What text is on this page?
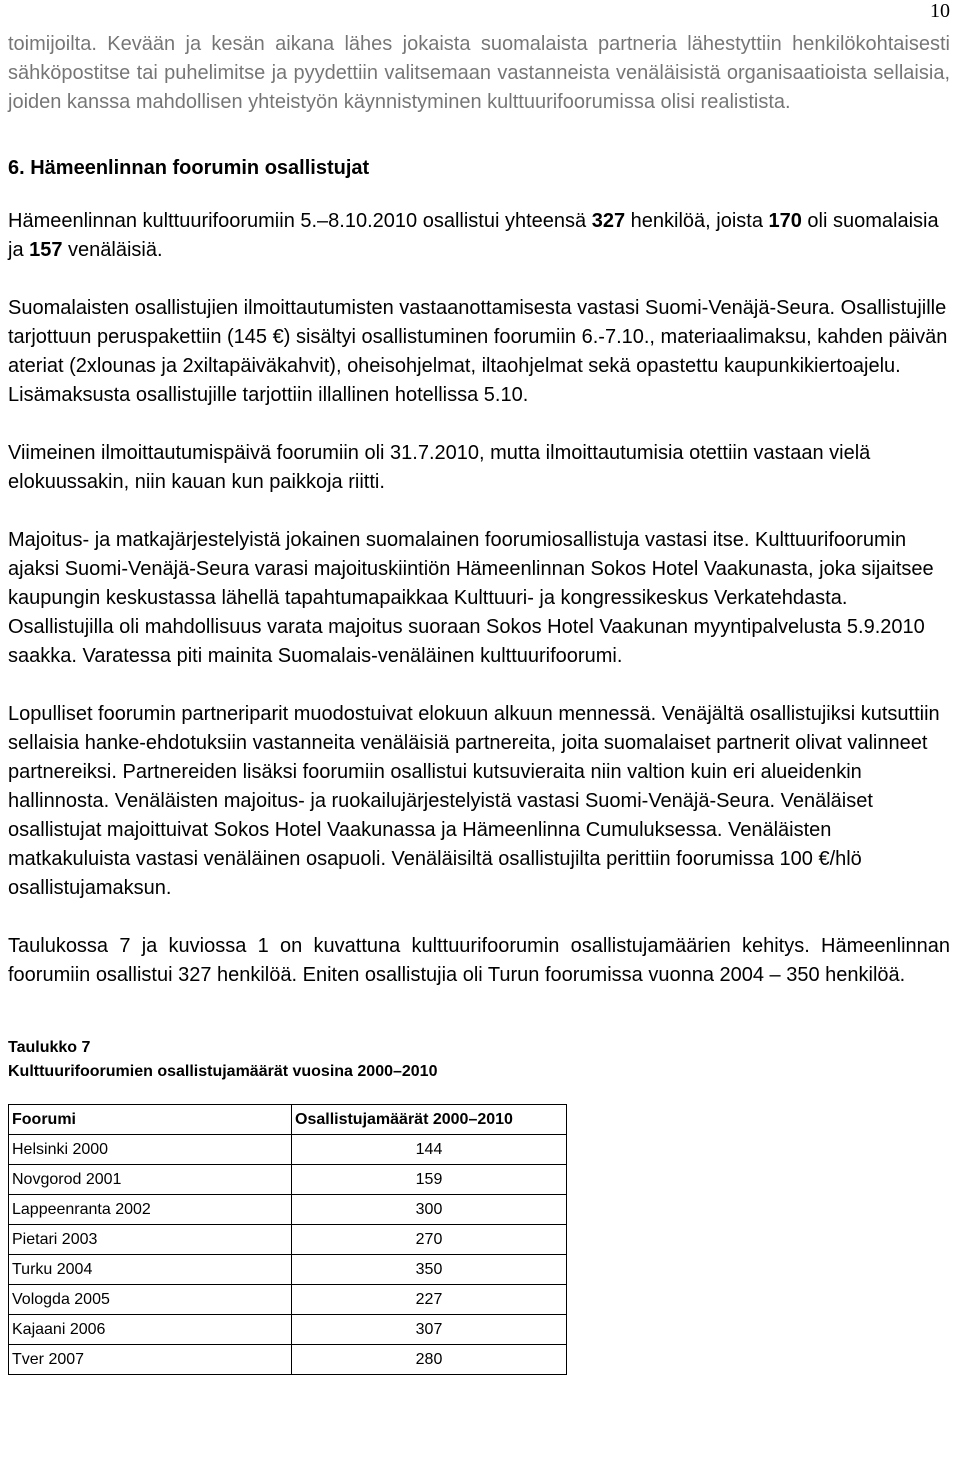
10

toimijoilta. Kevään ja kesän aikana lähes jokaista suomalaista partneria lähestyttiin henkilökohtaisesti sähköpostitse tai puhelimitse ja pyydettiin valitsemaan vastanneista venäläisistä organisaatioista sellaisia, joiden kanssa mahdollisen yhteistyön käynnistyminen kulttuurifoorumissa olisi realistista.

6. Hämeenlinnan foorumin osallistujat

Hämeenlinnan kulttuurifoorumiin 5.–8.10.2010 osallistui yhteensä 327 henkilöä, joista 170 oli suomalaisia ja 157 venäläisiä.

Suomalaisten osallistujien ilmoittautumisten vastaanottamisesta vastasi Suomi-Venäjä-Seura. Osallistujille tarjottuun peruspakettiin (145 €) sisältyi osallistuminen foorumiin 6.-7.10., materiaalimaksu, kahden päivän ateriat (2xlounas ja 2xiltapäiväkahvit), oheisohjelmat, iltaohjelmat sekä opastettu kaupunkikiertoajelu. Lisämaksusta osallistujille tarjottiin illallinen hotellissa 5.10.

Viimeinen ilmoittautumispäivä foorumiin oli 31.7.2010, mutta ilmoittautumisia otettiin vastaan vielä elokuussakin, niin kauan kun paikkoja riitti.

Majoitus- ja matkajärjestelyistä jokainen suomalainen foorumiosallistuja vastasi itse. Kulttuurifoorumin ajaksi Suomi-Venäjä-Seura varasi majoituskiintiön Hämeenlinnan Sokos Hotel Vaakunasta, joka sijaitsee kaupungin keskustassa lähellä tapahtumapaikkaa Kulttuuri- ja kongressikeskus Verkatehdasta. Osallistujilla oli mahdollisuus varata majoitus suoraan Sokos Hotel Vaakunan myyntipalvelusta 5.9.2010 saakka. Varatessa piti mainita Suomalais-venäläinen kulttuurifoorumi.

Lopulliset foorumin partneriparit muodostuivat elokuun alkuun mennessä. Venäjältä osallistujiksi kutsuttiin sellaisia hanke-ehdotuksiin vastanneita venäläisiä partnereita, joita suomalaiset partnerit olivat valinneet partnereiksi. Partnereiden lisäksi foorumiin osallistui kutsuvieraita niin valtion kuin eri alueidenkin hallinnosta. Venäläisten majoitus- ja ruokailujärjestelyistä vastasi Suomi-Venäjä-Seura. Venäläiset osallistujat majoittuivat Sokos Hotel Vaakunassa ja Hämeenlinna Cumuluksessa. Venäläisten matkakuluista vastasi venäläinen osapuoli. Venäläisiltä osallistujilta perittiin foorumissa 100 €/hlö osallistujamaksun.

Taulukossa 7 ja kuviossa 1 on kuvattuna kulttuurifoorumin osallistujamäärien kehitys. Hämeenlinnan foorumiin osallistui 327 henkilöä. Eniten osallistujia oli Turun foorumissa vuonna 2004 – 350 henkilöä.

Taulukko 7
Kulttuurifoorumien osallistujamäärät vuosina 2000–2010
Foorumi	Osallistujamäärät 2000–2010
Helsinki 2000	144
Novgorod 2001	159
Lappeenranta 2002	300
Pietari 2003	270
Turku 2004	350
Vologda 2005	227
Kajaani 2006	307
Tver 2007	280
